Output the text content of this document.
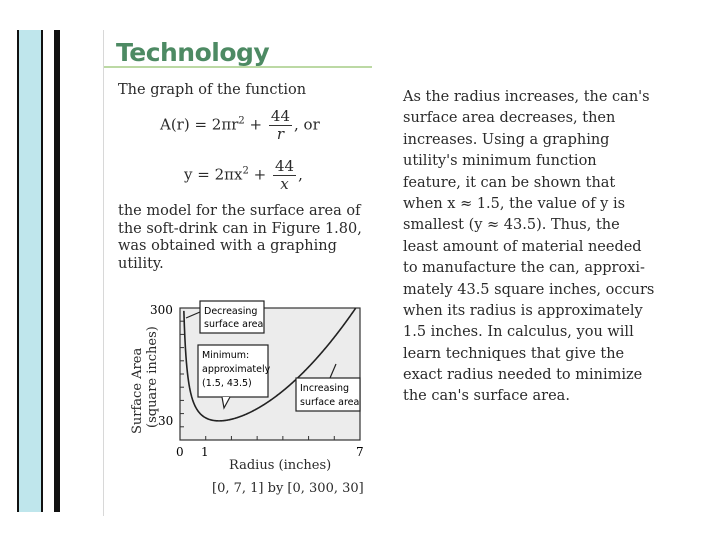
Technology
The graph of the function
$A(r) = 2\pi r^2 + \frac{44}{r}$ , or
$y = 2\pi x^2 + \frac{44}{x}$ ,
the model for the surface area of
the soft-drink can in Figure 1.80,
was obtained with a graphing
utility.
As the radius increases, the can's
surface area decreases, then
increases. Using a graphing
utility's minimum function
feature, it can be shown that
when x ≈ 1.5, the value of y is
smallest (y ≈ 43.5). Thus, the
least amount of material needed
to manufacture the can, approxi-
mately 43.5 square inches, occurs
when its radius is approximately
1.5 inches. In calculus, you will
learn techniques that give the
exact radius needed to minimize
the can's surface area.
300
30
0 1	7
Decreasing
surface area
Minimum:
approximately
(1.5, 43.5)	Increasing
surface area
Surface Area (square inches)
Radius (inches)
[0, 7, 1] by [0, 300, 30]
